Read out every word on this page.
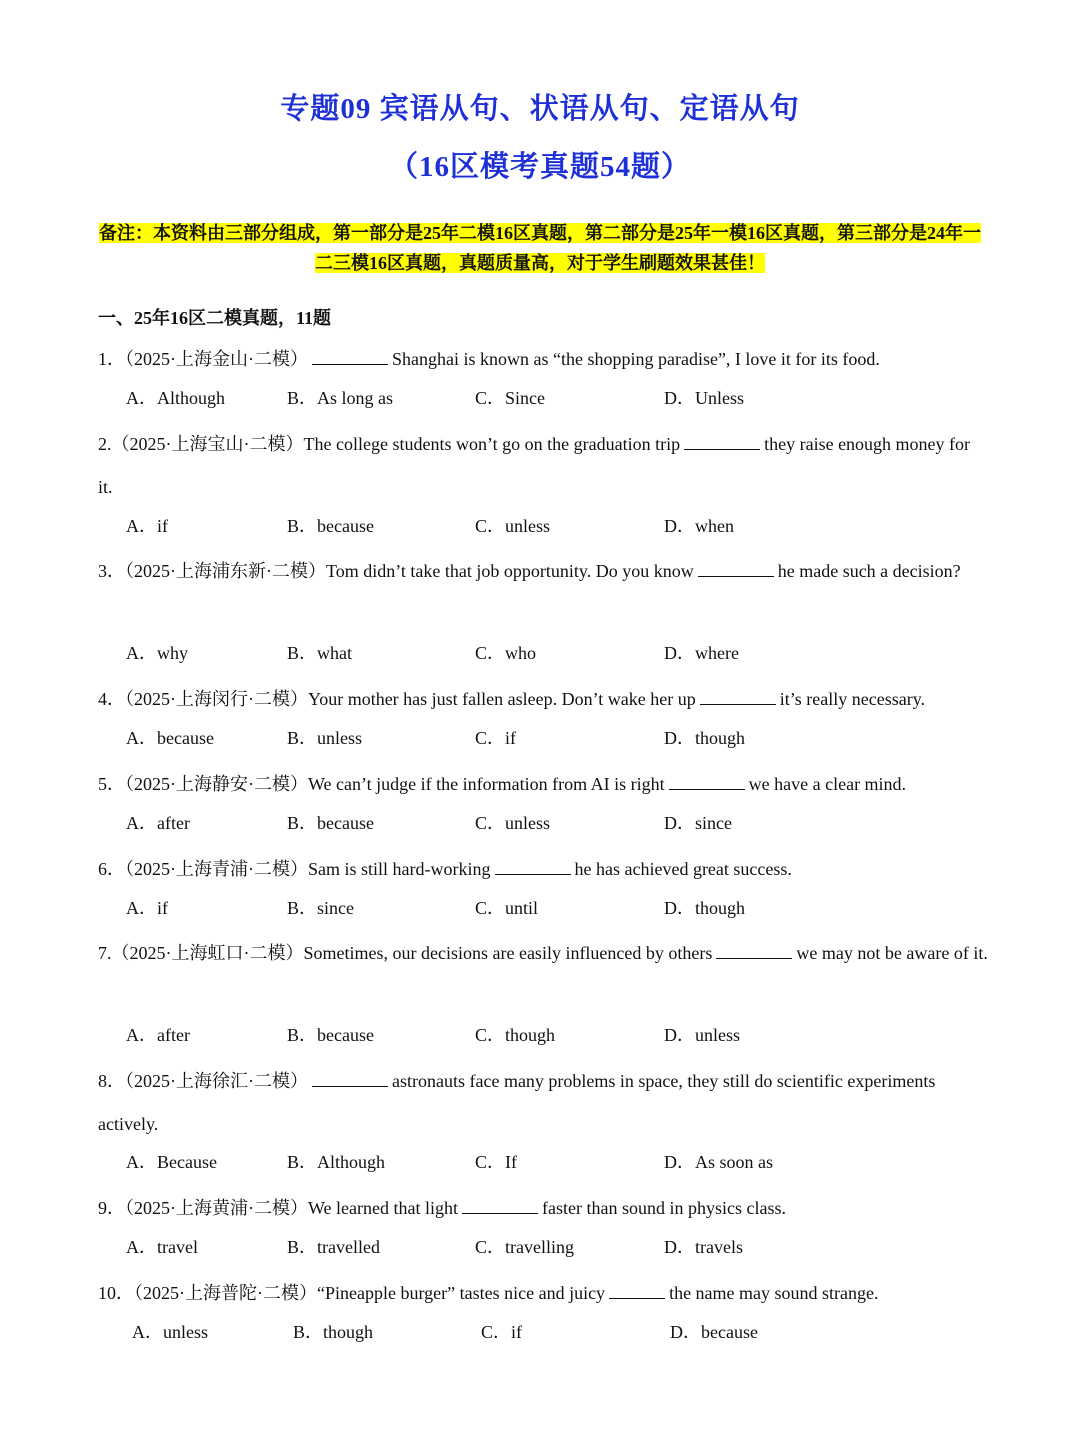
专题09 宾语从句、状语从句、定语从句
（16区模考真题54题）
备注：本资料由三部分组成，第一部分是25年二模16区真题，第二部分是25年一模16区真题，第三部分是24年一二三模16区真题，真题质量高，对于学生刷题效果甚佳！
一、25年16区二模真题，11题
1．（2025·上海金山·二模）	Shanghai is known as “the shopping paradise”, I love it for its food.
A．Although	B．As long as	C．Since	D．Unless
2.（2025·上海宝山·二模）The college students won’t go on the graduation trip	they raise enough money for it.
A．if	B．because	C．unless	D．when
3．（2025·上海浦东新·二模）Tom didn’t take that job opportunity. Do you know	he made such a decision?
A．why	B．what	C．who	D．where
4．（2025·上海闵行·二模）Your mother has just fallen asleep. Don’t wake her up	it’s really necessary.
A．because	B．unless	C．if	D．though
5．（2025·上海静安·二模）We can’t judge if the information from AI is right	we have a clear mind.
A．after	B．because	C．unless	D．since
6．（2025·上海青浦·二模）Sam is still hard-working	he has achieved great success.
A．if	B．since	C．until	D．though
7.（2025·上海虹口·二模）Sometimes, our decisions are easily influenced by others	we may not be aware of it.
A．after	B．because	C．though	D．unless
8．（2025·上海徐汇·二模）	astronauts face many problems in space, they still do scientific experiments actively.
A．Because	B．Although	C．If	D．As soon as
9．（2025·上海黄浦·二模）We learned that light	faster than sound in physics class.
A．travel	B．travelled	C．travelling	D．travels
10．（2025·上海普陀·二模）“Pineapple burger” tastes nice and juicy	the name may sound strange.
A．unless	B．though	C．if	D．because
